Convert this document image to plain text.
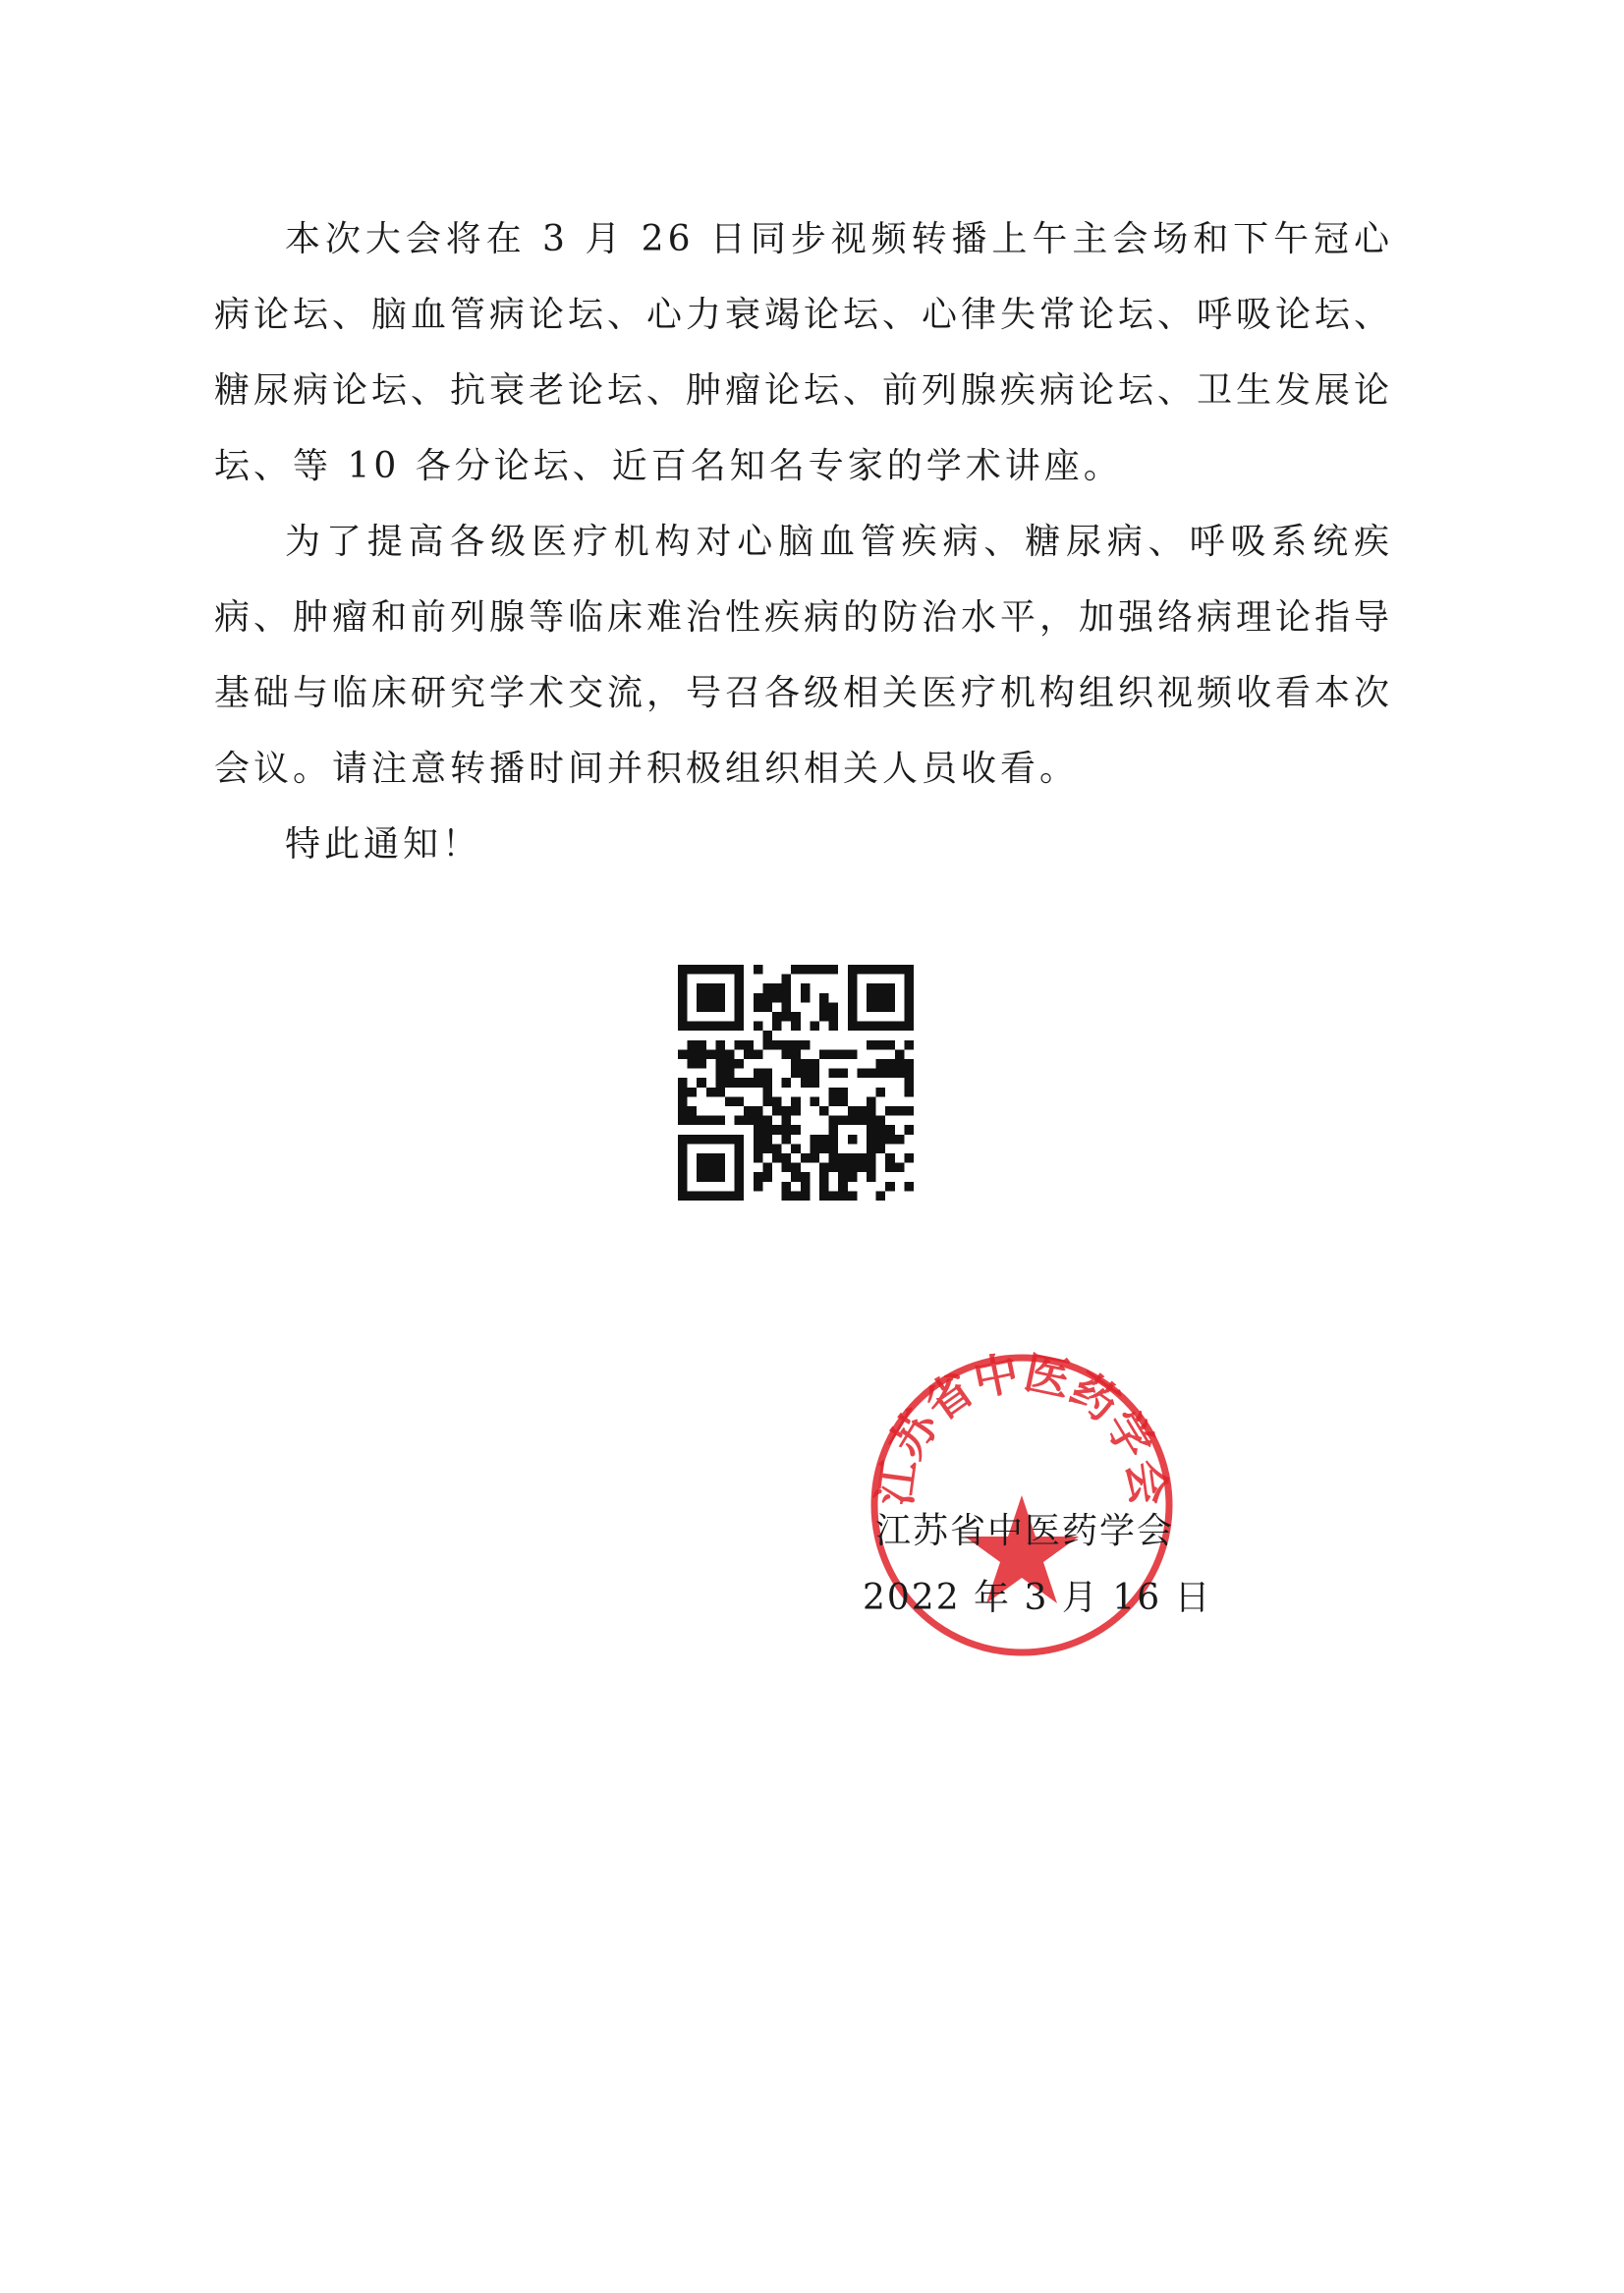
本次大会将在 3 月 26 日同步视频转播上午主会场和下午冠心病论坛、脑血管病论坛、心力衰竭论坛、心律失常论坛、呼吸论坛、糖尿病论坛、抗衰老论坛、肿瘤论坛、前列腺疾病论坛、卫生发展论坛、等 10 各分论坛、近百名知名专家的学术讲座。

为了提高各级医疗机构对心脑血管疾病、糖尿病、呼吸系统疾病、肿瘤和前列腺等临床难治性疾病的防治水平，加强络病理论指导基础与临床研究学术交流，号召各级相关医疗机构组织视频收看本次会议。请注意转播时间并积极组织相关人员收看。

特此通知！

江苏省中医药学会
江苏省中医药学会
2022 年 3 月 16 日
